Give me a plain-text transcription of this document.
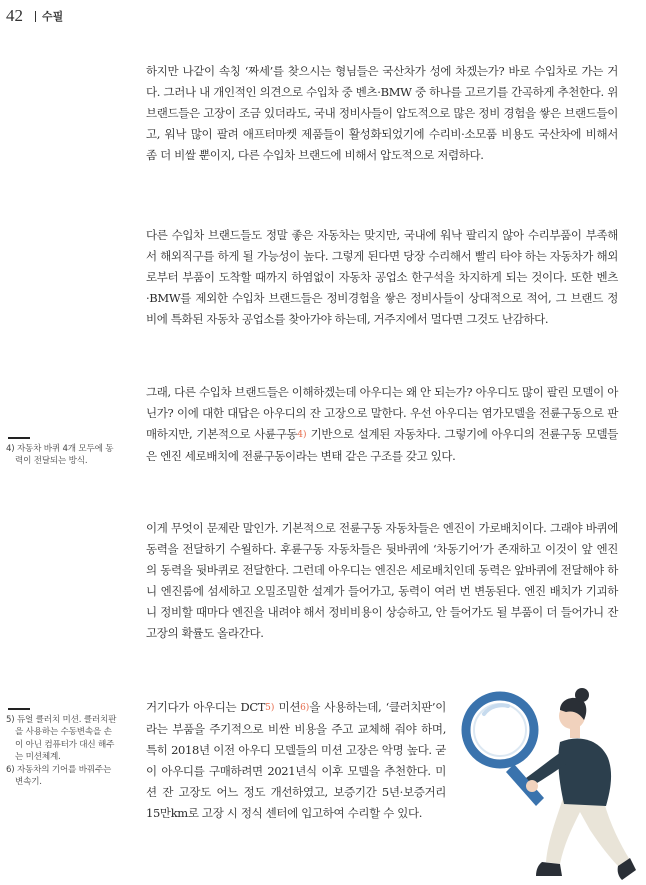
42 수필

하지만 나같이 속칭 ‘짜세’를 찾으시는 형님들은 국산차가 성에 차겠는가? 바로 수입차로 가는 거다. 그러나 내 개인적인 의견으로 수입차 중 벤츠·BMW 중 하나를 고르기를 간곡하게 추천한다. 위 브랜드들은 고장이 조금 있더라도, 국내 정비사들이 압도적으로 많은 정비 경험을 쌓은 브랜드들이고, 워낙 많이 팔려 애프터마켓 제품들이 활성화되었기에 수리비·소모품 비용도 국산차에 비해서 좀 더 비쌀 뿐이지, 다른 수입차 브랜드에 비해서 압도적으로 저렴하다.

다른 수입차 브랜드들도 정말 좋은 자동차는 맞지만, 국내에 워낙 팔리지 않아 수리부품이 부족해서 해외직구를 하게 될 가능성이 높다. 그렇게 된다면 당장 수리해서 빨리 타야 하는 자동차가 해외로부터 부품이 도착할 때까지 하염없이 자동차 공업소 한구석을 차지하게 되는 것이다. 또한 벤츠·BMW를 제외한 수입차 브랜드들은 정비경험을 쌓은 정비사들이 상대적으로 적어, 그 브랜드 정비에 특화된 자동차 공업소를 찾아가야 하는데, 거주지에서 멀다면 그것도 난감하다.

그래, 다른 수입차 브랜드들은 이해하겠는데 아우디는 왜 안 되는가? 아우디도 많이 팔린 모델이 아닌가? 이에 대한 대답은 아우디의 잔 고장으로 말한다. 우선 아우디는 염가모델을 전륜구동으로 판매하지만, 기본적으로 사륜구동4) 기반으로 설계된 자동차다. 그렇기에 아우디의 전륜구동 모델들은 엔진 세로배치에 전륜구동이라는 변태 같은 구조를 갖고 있다.

이게 무엇이 문제란 말인가. 기본적으로 전륜구동 자동차들은 엔진이 가로배치이다. 그래야 바퀴에 동력을 전달하기 수월하다. 후륜구동 자동차들은 뒷바퀴에 ‘차동기어’가 존재하고 이것이 앞 엔진의 동력을 뒷바퀴로 전달한다. 그런데 아우디는 엔진은 세로배치인데 동력은 앞바퀴에 전달해야 하니 엔진룸에 섬세하고 오밀조밀한 설계가 들어가고, 동력이 여러 번 변동된다. 엔진 배치가 기괴하니 정비할 때마다 엔진을 내려야 해서 정비비용이 상승하고, 안 들어가도 될 부품이 더 들어가니 잔 고장의 확률도 올라간다.

거기다가 아우디는 DCT5) 미션6)을 사용하는데, ‘클러치판’이라는 부품을 주기적으로 비싼 비용을 주고 교체해 줘야 하며, 특히 2018년 이전 아우디 모델들의 미션 고장은 악명 높다. 굳이 아우디를 구매하려면 2021년식 이후 모델을 추천한다. 미션 잔 고장도 어느 정도 개선하였고, 보증기간 5년·보증거리 15만km로 고장 시 정식 센터에 입고하여 수리할 수 있다.

4) 자동차 바퀴 4개 모두에 동력이 전달되는 방식.
5) 듀얼 클러치 미션. 클러치판을 사용하는 수동변속을 손이 아닌 컴퓨터가 대신 해주는 미션체계.
6) 자동차의 기어를 바꿔주는 변속기.
